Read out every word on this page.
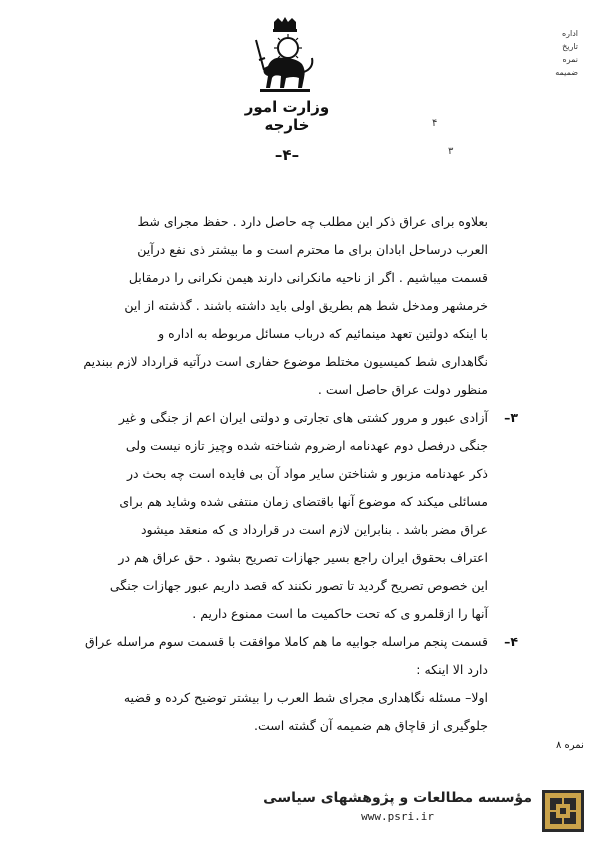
وزارت امور خارجه
اداره
تاریخ
نمره
ضمیمه
۴
۳
–۴–
بعلاوه برای عراق ذکر این مطلب چه حاصل دارد . حفظ مجراى شط
العرب درساحل ابادان براى ما محترم است و ما بیشتر ذى نفع درآین
قسمت میباشیم . اگر از ناحیه مانکرانی دارند هیمن نکرانی را درمقابل
خرمشهر ومدخل شط هم بطریق اولی باید داشته باشند . گذشته از این
با اینکه دولتین تعهد مینمائیم که درباب مسائل مربوطه به اداره و
نگاهدارى شط کمیسیون مختلط موضوع حفاری است درآتیه قرارداد لازم ببندیم
منظور دولت عراق حاصل است .
۳–
آزادی عبور و مرور کشتی های تجارتی و دولتی ایران اعم از جنگی و غیر
جنگی درفصل دوم عهدنامه ارضروم شناخته شده وچیز تازه نیست ولی
ذکر عهدنامه مزبور و شناختن سایر مواد آن بی فایده است چه بحث در
مسائلی میکند که موضوع آنها باقتضای زمان منتفی شده وشاید هم برای
عراق مضر باشد . بنابراین لازم است در قرارداد ی که منعقد میشود
اعتراف بحقوق ایران راجع بسیر جهازات تصریح بشود . حق عراق هم در
این خصوص تصریح گردید تا تصور نکنند که قصد داریم عبور جهازات جنگی
آنها را ازقلمرو ی که تحت حاکمیت ما است ممنوع داریم .
۴–
قسمت پنجم مراسله جوابیه ما هم کاملا موافقت با قسمت سوم مراسله عراق
دارد الا اینکه :
اولا– مسئله نگاهدارى مجراى شط العرب را بیشتر توضیح کرده و قضیه
جلوگیری از قاچاق هم ضمیمه آن گشته است.
نمره ۸
مؤسسه مطالعات و پژوهشهای سیاسی
www.psri.ir
